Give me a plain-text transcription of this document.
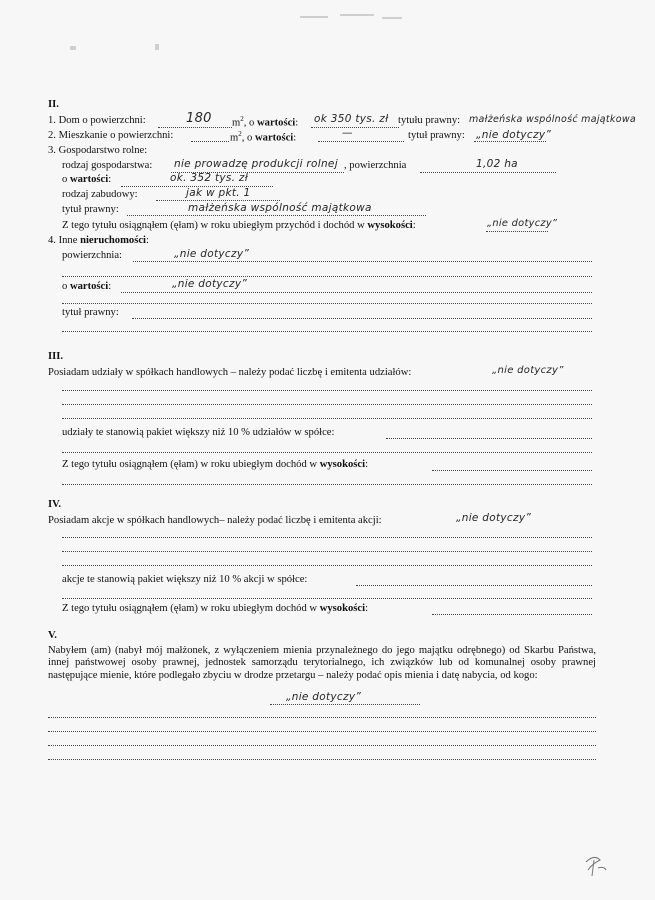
II.
1. Dom o powierzchni:	180 $m^2$, o wartości: ok 350 tys. zł tytułu prawny: małżeńska wspólność majątkowa
2. Mieszkanie o powierzchni:	$m^2$, o wartości:	—	tytuł prawny: „nie dotyczy”
3. Gospodarstwo rolne:
rodzaj gospodarstwa: nie prowadzę produkcji rolnej , powierzchnia	1,02 ha
o wartości:	ok. 352 tys. zł
rodzaj zabudowy:	jak w pkt. 1
tytuł prawny:	małżeńska wspólność majątkowa
Z tego tytułu osiągnąłem (ęłam) w roku ubiegłym przychód i dochód w wysokości:	„nie dotyczy”
4. Inne nieruchomości:
powierzchnia:	„nie dotyczy”
o wartości:	„nie dotyczy”
tytuł prawny:
III.
Posiadam udziały w spółkach handlowych – należy podać liczbę i emitenta udziałów:	„nie dotyczy”
udziały te stanowią pakiet większy niż 10 % udziałów w spółce:
Z tego tytułu osiągnąłem (ęłam) w roku ubiegłym dochód w wysokości:
IV.
Posiadam akcje w spółkach handlowych– należy podać liczbę i emitenta akcji:	„nie dotyczy”
akcje te stanowią pakiet większy niż 10 % akcji w spółce:
Z tego tytułu osiągnąłem (ęłam) w roku ubiegłym dochód w wysokości:
V.
Nabyłem (am) (nabył mój małżonek, z wyłączeniem mienia przynależnego do jego majątku odrębnego) od Skarbu Państwa, innej państwowej osoby prawnej, jednostek samorządu terytorialnego, ich związków lub od komunalnej osoby prawnej następujące mienie, które podlegało zbyciu w drodze przetargu – należy podać opis mienia i datę nabycia, od kogo:
„nie dotyczy”
